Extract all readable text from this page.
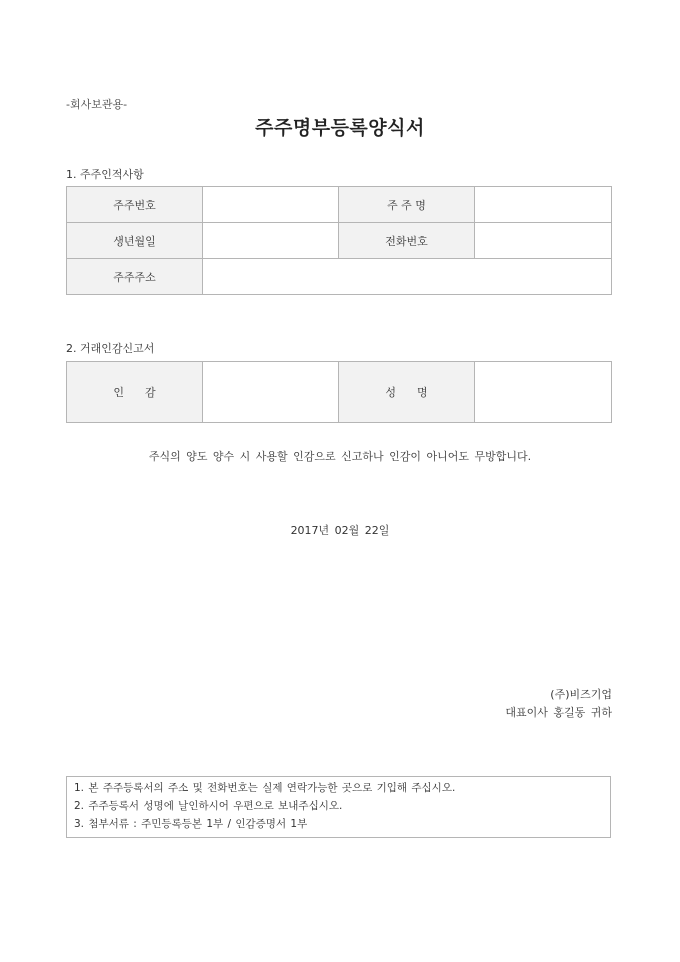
-회사보관용-
주주명부등록양식서
1. 주주인적사항
주주번호		주 주 명	
생년월일		전화번호	
주주주소			
2. 거래인감신고서
인      감		성      명	
주식의 양도 양수 시 사용할 인감으로 신고하나 인감이 아니어도 무방합니다.
2017년 02월 22일
(주)비즈기업
대표이사 홍길동 귀하
1. 본 주주등록서의 주소 및 전화번호는 실제 연락가능한 곳으로 기입해 주십시오.
2. 주주등록서 성명에 날인하시어 우편으로 보내주십시오.
3. 첨부서류 : 주민등록등본 1부 / 인감증명서 1부
